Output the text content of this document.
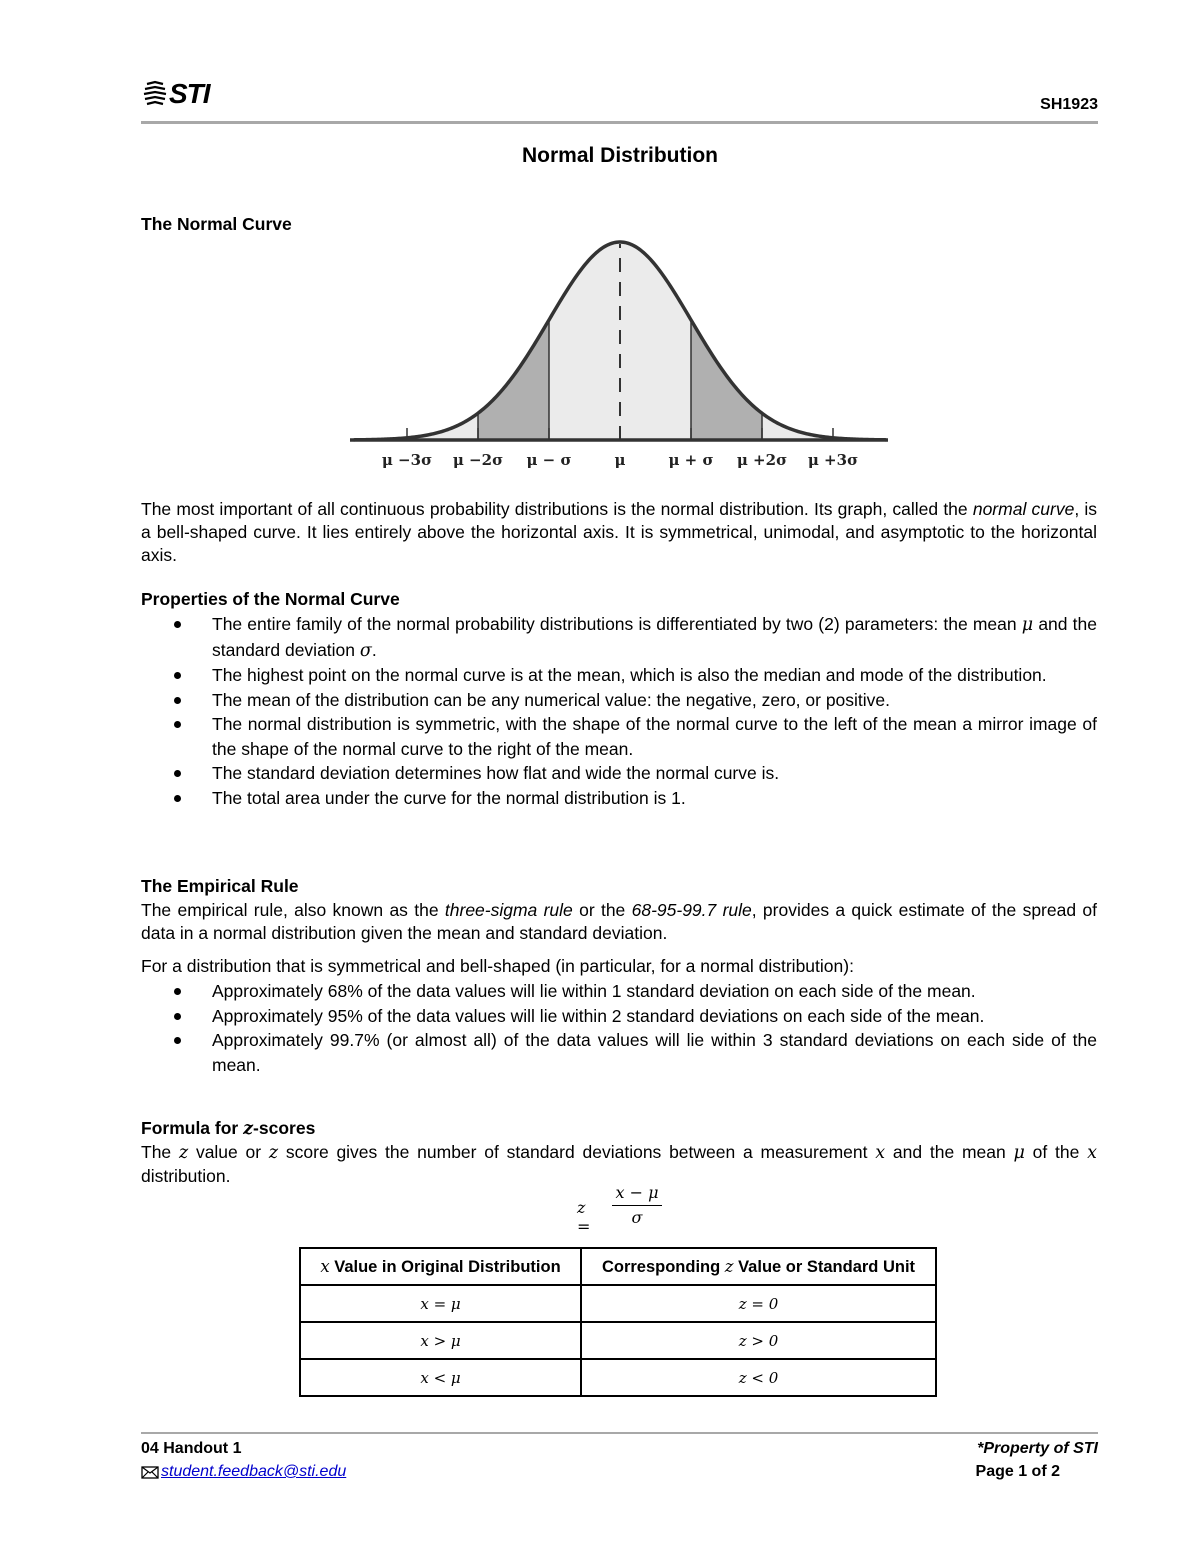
STI	SH1923
Normal Distribution
The Normal Curve
μ −3σ μ −2σ μ − σ	μ	μ + σ μ +2σ μ +3σ
The most important of all continuous probability distributions is the normal distribution. Its graph, called the normal curve, is a bell-shaped curve. It lies entirely above the horizontal axis. It is symmetrical, unimodal, and asymptotic to the horizontal axis.
Properties of the Normal Curve
The entire family of the normal probability distributions is differentiated by two (2) parameters: the mean μ and the standard deviation σ.
The highest point on the normal curve is at the mean, which is also the median and mode of the distribution.
The mean of the distribution can be any numerical value: the negative, zero, or positive.
The normal distribution is symmetric, with the shape of the normal curve to the left of the mean a mirror image of the shape of the normal curve to the right of the mean.
The standard deviation determines how flat and wide the normal curve is.
The total area under the curve for the normal distribution is 1.
The Empirical Rule
The empirical rule, also known as the three-sigma rule or the 68-95-99.7 rule, provides a quick estimate of the spread of data in a normal distribution given the mean and standard deviation.
For a distribution that is symmetrical and bell-shaped (in particular, for a normal distribution):
Approximately 68% of the data values will lie within 1 standard deviation on each side of the mean.
Approximately 95% of the data values will lie within 2 standard deviations on each side of the mean.
Approximately 99.7% (or almost all) of the data values will lie within 3 standard deviations on each side of the mean.
Formula for z-scores
The z value or z score gives the number of standard deviations between a measurement x and the mean μ of the x distribution.
z =
x − μ
σ
x Value in Original Distribution	Corresponding z Value or Standard Unit
x = μ	z = 0
x > μ	z > 0
x < μ	z < 0
04 Handout 1
student.feedback@sti.edu
*Property of STI
Page 1 of 2
